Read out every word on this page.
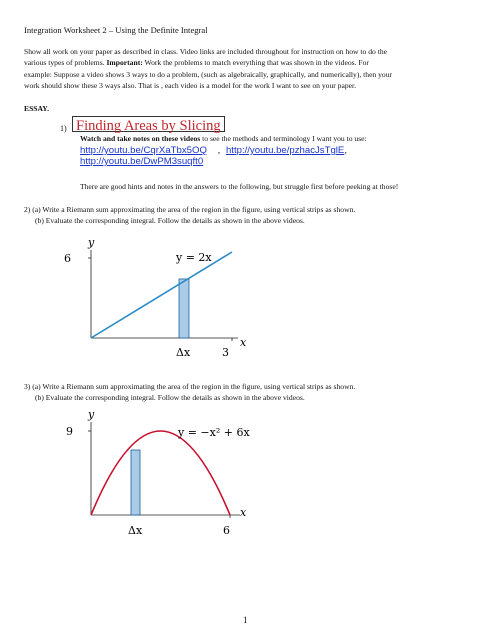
Integration Worksheet 2 – Using the Definite Integral
Show all work on your paper as described in class. Video links are included throughout for instruction on how to do the
various types of problems. Important: Work the problems to match everything that was shown in the videos. For
example: Suppose a video shows 3 ways to do a problem, (such as algebraically, graphically, and numerically), then your
work should show these 3 ways also. That is , each video is a model for the work I want to see on your paper.
ESSAY.
1) Finding Areas by Slicing
Watch and take notes on these videos to see the methods and terminology I want you to use:
http://youtu.be/CqrXaTbx5OQ , http://youtu.be/pzhacJsTglE,
http://youtu.be/DwPM3suqft0
There are good hints and notes in the answers to the following, but struggle first before peeking at those!
2) (a) Write a Riemann sum approximating the area of the region in the figure, using vertical strips as shown.
(b) Evaluate the corresponding integral. Follow the details as shown in the above videos.
y
6	y = 2x
x
Δx	3
3) (a) Write a Riemann sum approximating the area of the region in the figure, using vertical strips as shown.
(b) Evaluate the corresponding integral. Follow the details as shown in the above videos.
y
9	y = −x² + 6x
x
Δx	6
1
